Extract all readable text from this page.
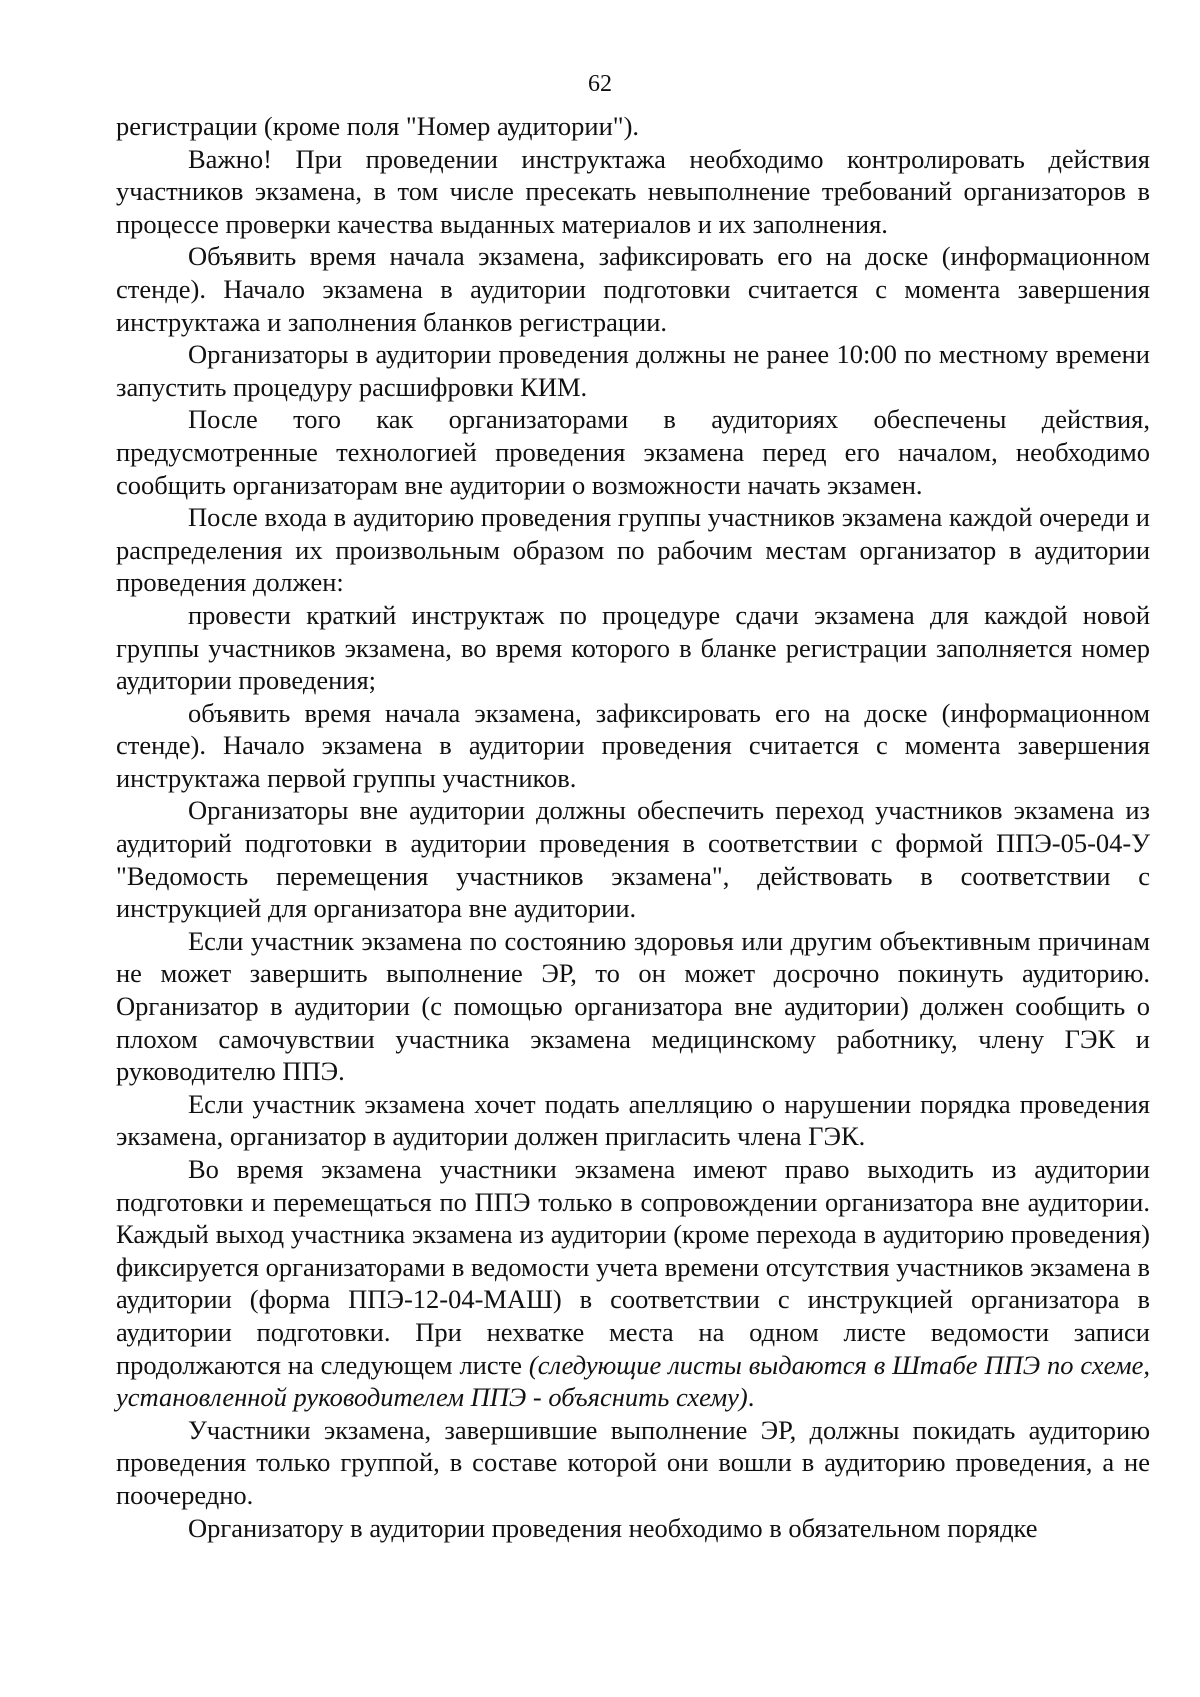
62

регистрации (кроме поля "Номер аудитории").

Важно! При проведении инструктажа необходимо контролировать действия участников экзамена, в том числе пресекать невыполнение требований организаторов в процессе проверки качества выданных материалов и их заполнения.

Объявить время начала экзамена, зафиксировать его на доске (информационном стенде). Начало экзамена в аудитории подготовки считается с момента завершения инструктажа и заполнения бланков регистрации.

Организаторы в аудитории проведения должны не ранее 10:00 по местному времени запустить процедуру расшифровки КИМ.

После того как организаторами в аудиториях обеспечены действия, предусмотренные технологией проведения экзамена перед его началом, необходимо сообщить организаторам вне аудитории о возможности начать экзамен.

После входа в аудиторию проведения группы участников экзамена каждой очереди и распределения их произвольным образом по рабочим местам организатор в аудитории проведения должен:

провести краткий инструктаж по процедуре сдачи экзамена для каждой новой группы участников экзамена, во время которого в бланке регистрации заполняется номер аудитории проведения;

объявить время начала экзамена, зафиксировать его на доске (информационном стенде). Начало экзамена в аудитории проведения считается с момента завершения инструктажа первой группы участников.

Организаторы вне аудитории должны обеспечить переход участников экзамена из аудиторий подготовки в аудитории проведения в соответствии с формой ППЭ-05-04-У "Ведомость перемещения участников экзамена", действовать в соответствии с инструкцией для организатора вне аудитории.

Если участник экзамена по состоянию здоровья или другим объективным причинам не может завершить выполнение ЭР, то он может досрочно покинуть аудиторию. Организатор в аудитории (с помощью организатора вне аудитории) должен сообщить о плохом самочувствии участника экзамена медицинскому работнику, члену ГЭК и руководителю ППЭ.

Если участник экзамена хочет подать апелляцию о нарушении порядка проведения экзамена, организатор в аудитории должен пригласить члена ГЭК.

Во время экзамена участники экзамена имеют право выходить из аудитории подготовки и перемещаться по ППЭ только в сопровождении организатора вне аудитории. Каждый выход участника экзамена из аудитории (кроме перехода в аудиторию проведения) фиксируется организаторами в ведомости учета времени отсутствия участников экзамена в аудитории (форма ППЭ-12-04-МАШ) в соответствии с инструкцией организатора в аудитории подготовки. При нехватке места на одном листе ведомости записи продолжаются на следующем листе (следующие листы выдаются в Штабе ППЭ по схеме, установленной руководителем ППЭ - объяснить схему).

Участники экзамена, завершившие выполнение ЭР, должны покидать аудиторию проведения только группой, в составе которой они вошли в аудиторию проведения, а не поочередно.

Организатору в аудитории проведения необходимо в обязательном порядке
